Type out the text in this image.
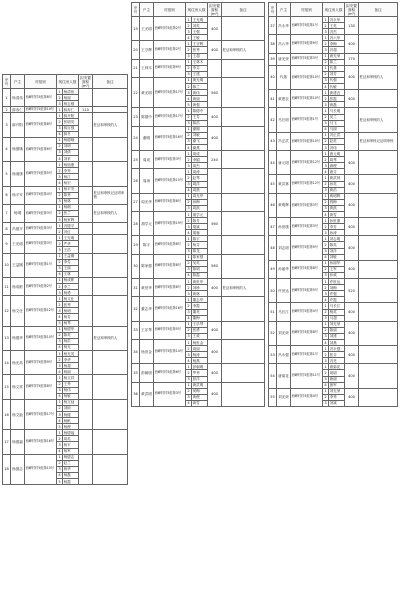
序号	户主	村组别	现住房人数		拟安置面积(m²)	备注
1	杨清伟	西峰村村5组第8号	1	杨清伟		
			2	杨丽		
			3	杨志强		
2	薛寿仁	西峰村村5组第19号	1	薛寿仁	110	
3	薛开阳	西峰村村5组第8号	1	薛开阳		驻证和审核的人
			2	张明英		
			3	薛自强		
			4	薛冬		
4	杨德娥	西峰村村5组第6号	1	杨德娥		
			2	刘明		
			3	刘倩		
			4	刘苹		
5	杨迪康	西峰村村5组第5号	1	杨迪康		
			2	李秀		
			3	杨江		
			4	杨宏		
6	杨平安	西峰村村5组第4号	1	杨平安		驻证和审核记证明审核
			2	陈秀		
			3	杨林		
7	杨纲	西峰村村5组第3号	1	杨纲		驻证和审核的人
			2	张兰		
			3	杨家辉		
8	冯德平	西峰村村5组第3号	1	冯德平		
			2	冯红		
9	王光明	西峰村村5组第3号	1	王光明		
			2	严华		
			3	王浩		
10	王益刚	西峰村村5组第1号	1	王益刚		
			2	李芳		
			3	王丽		
			4	王林		
11	杨成彬	西峰村村5组第2号	1	杨成彬		
			2	李兰		
			3	杨勇		
12	杨文仕	西峰村村5组第12号	1	杨文仕		
			2	张秀		
			3	杨明		
			4	杨芳		
			5	杨琴		
13	杨德华	西峰村村5组第10号	1	杨德华		驻证和审核的人
			2	陈英		
			3	杨洪		
			4	杨光		
14	杨光英	西峰村村5组第9号	1	杨光英		
			2	李华		
			3	杨超		
			4	杨丽		
15	杨文祥	西峰村村5组第8号	1	杨文祥		
			2	王秀		
			3	杨伟		
			4	杨敏		
16	杨文灿	西峰村村5组第17号	1	杨文灿		
			2	刘琼		
			3	杨健		
			4	杨帆		
			5	杨俊		
17	杨德福	西峰村村5组第16号	1	杨德福		
			2	周英		
			3	杨平		
			4	杨军		
18	杨德志	西峰村村5组第15号	1	杨德志		
			2	赵兰		
			3	杨华		
			4	杨磊		
			5	杨霞		
序号	户主	村组别	现住房人数		拟安置面积(m²)	备注
19	王光明	西峰村村5组第2号	1	王光明	400	
			2	刘英		
			3	王强		
			4	王敏		
20	王守辉	西峰村村5组第2号	1	王守辉	400	驻证和审核的人
			2	张秀		
			3	王超		
21	王林木	西峰村村5组第9号	1	王林木		
			2	李芬		
			3	王建		
22	黄光明	西峰村村5组第17号	1	黄光明	560	
			2	陈兰		
			3	黄伟		
			4	黄丽		
			5	黄强		
23	陈德中	西峰村村5组第17号	1	陈德中	400	
			2	王芳		
			3	陈浩		
24	谢刚	西峰村村5组第16号	1	谢刚	400	
			2	刘敏		
			3	谢飞		
			4	谢燕		
25	周成	西峰村村5组第3号	1	周成	240	
			2	李娟		
			3	周杰		
26	周涛	西峰村村5组第15号	1	周涛		
			2	赵琴		
			3	周洋		
			4	周晨		
27	周光华	西峰村村5组第8号	1	周光华		
			2	孙梅		
			3	周凯		
28	胡学元	西峰村村5组第19号	1	胡学元	560	
			2	陈芳		
			3	胡斌		
			4	胡蓉		
29	陈宇	西峰村村5组第8号	1	陈宇		
			2	杨芬		
			3	陈龙		
30	陈家强	西峰村村5组第8号	1	陈家强	560	
			2	吴英		
			3	陈明		
			4	陈霞		
31	黄世华	西峰村村5组第8号	1	黄世华	400	驻证和审核的人
			2	刘珍		
			3	黄林		
32	董志华	西峰村村5组第16号	1	董志华		
			2	李霞		
			3	董亮		
			4	董梅		
33	王乐琴	西峰村村5组第5号	1	王乐琴	400	
			2	张勇		
			3	王欢		
34	杨世金	西峰村村5组第14号	1	杨世金	400	
			2	周丽		
			3	杨涛		
			4	杨燕		
35	彭朝明	西峰村村5组第6号	1	彭朝明	400	
			2	罗秀		
			3	彭洋		
36	黄武明	西峰村村5组第3号	1	黄武明	400	
			2	何梅		
			3	黄俊		
			4	黄雪		
序号	户主	村组别	现住房人数		拟安置面积(m²)	备注
37	冯永华	西峰村村5组第1号	1	冯永华	130	
			2	王英		
			3	冯杰		
38	冯六华	西峰村村5组第9号	1	冯六华	400	
			2	李梅		
			3	冯超		
39	唐光荣	西峰村村5组第3号	1	唐光荣	170	
			2	陈兰		
40	代基	西峰村村5组第10号	1	代基	400	驻证和审核的人
			2	刘芳		
			3	代强		
			4	代敏		
41	黄建农	西峰村村5组第10号	1	黄建农	400	
			2	张霞		
			3	黄磊		
42	马长明	西峰村村5组第1号	1	马长明		驻证和审核的人
			2	吴兰		
			3	马飞		
			4	马丽		
43	冯正武	西峰村村5组第10号	1	冯正武		驻证和审核记证明审核
			2	赵英		
			3	冯伟		
44	唐元明	西峰村村5组第12号	1	唐元明	400	
			2	周琴		
			3	唐俊		
			4	唐芬		
45	黄武林	西峰村村5组第12号	1	黄武林	400	
			2	孙英		
			3	黄浩		
46	黄明辉	西峰村村5组第3号	1	黄明辉	400	
			2	钱梅		
			3	黄凯		
			4	黄雪		
47	孙世康	西峰村村5组第3号	1	孙世康	400	
			2	李芳		
			3	孙涛		
48	刘志明	西峰村村5组第9号	1	刘志明	400	
			2	陈英		
			3	刘洋		
			4	刘敏		
49	孙丽华	西峰村村5组第8号	1	孙丽华	400	
			2	王军		
			3	孙欢		
50	许世达	西峰村村5组第5号	1	许世达	520	
			2	刘梅		
			3	许强		
			4	许霞		
51	马长江	西峰村村5组第4号	1	马长江	400	
			2	杨英		
			3	马超		
52	刘光荣	西峰村村5组第8号	1	刘光荣	400	
			2	陈丽		
			3	刘建		
			4	刘燕		
53	冯永强	西峰村村5组第1号	1	冯永强	400	
			2	张芬		
			3	冯亮		
54	唐菊花	西峰村村5组第11号	1	唐菊花	400	
			2	周明		
			3	唐丽		
			4	唐军		
55	刘光荣	西峰村村5组第4号	1	刘光荣	400	
			2	李秀		
			3	刘斌		
